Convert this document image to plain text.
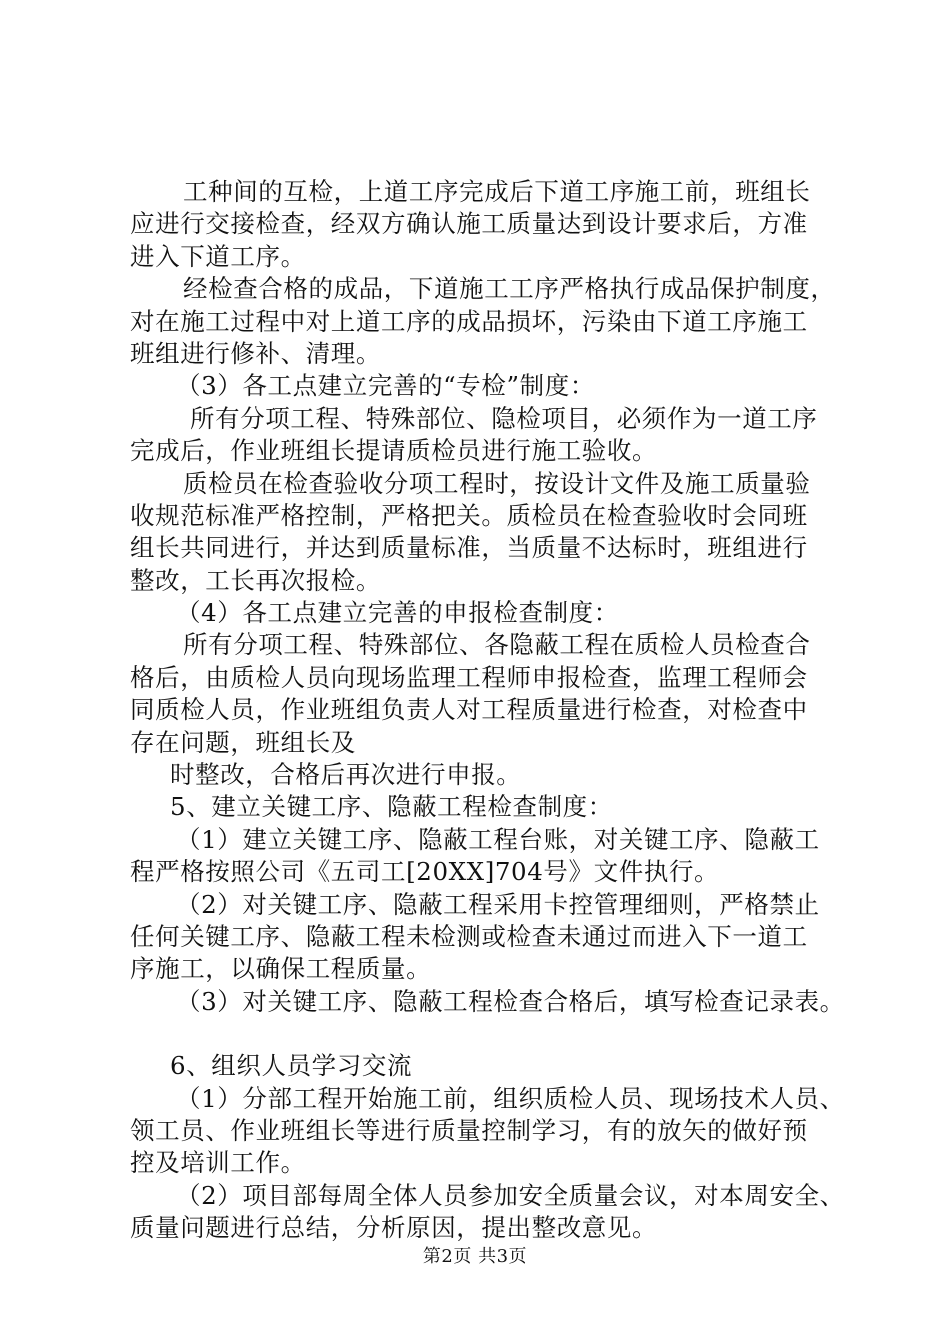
工种间的互检，上道工序完成后下道工序施工前，班组长
应进行交接检查，经双方确认施工质量达到设计要求后，方准
进入下道工序。
经检查合格的成品，下道施工工序严格执行成品保护制度，
对在施工过程中对上道工序的成品损坏，污染由下道工序施工
班组进行修补、清理。
（3）各工点建立完善的“专检”制度：
所有分项工程、特殊部位、隐检项目，必须作为一道工序
完成后，作业班组长提请质检员进行施工验收。
质检员在检查验收分项工程时，按设计文件及施工质量验
收规范标准严格控制，严格把关。质检员在检查验收时会同班
组长共同进行，并达到质量标准，当质量不达标时，班组进行
整改，工长再次报检。
（4）各工点建立完善的申报检查制度：
所有分项工程、特殊部位、各隐蔽工程在质检人员检查合
格后，由质检人员向现场监理工程师申报检查，监理工程师会
同质检人员，作业班组负责人对工程质量进行检查，对检查中
存在问题，班组长及
时整改，合格后再次进行申报。
5、建立关键工序、隐蔽工程检查制度：
（1）建立关键工序、隐蔽工程台账，对关键工序、隐蔽工
程严格按照公司《五司工[20XX]704号》文件执行。
（2）对关键工序、隐蔽工程采用卡控管理细则，严格禁止
任何关键工序、隐蔽工程未检测或检查未通过而进入下一道工
序施工，以确保工程质量。
（3）对关键工序、隐蔽工程检查合格后，填写检查记录表。
6、组织人员学习交流
（1）分部工程开始施工前，组织质检人员、现场技术人员、
领工员、作业班组长等进行质量控制学习，有的放矢的做好预
控及培训工作。
（2）项目部每周全体人员参加安全质量会议，对本周安全、
质量问题进行总结，分析原因，提出整改意见。
第2页 共3页
